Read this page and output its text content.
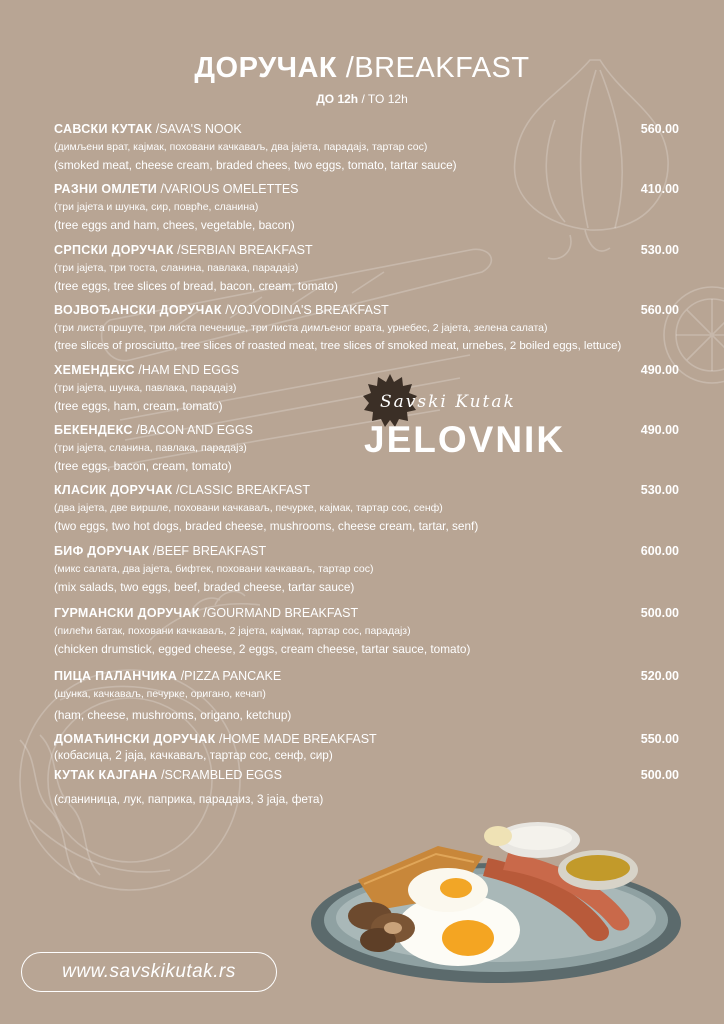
ДОРУЧАК /BREAKFAST
ДО 12h / TO 12h
САВСКИ КУТАК /SAVA'S NOOK	560.00
(димљени врат, кајмак, поховани качкаваљ, два јајета, парадајз, тартар сос)
(smoked meat, cheese cream, braded chees, two eggs, tomato, tartar sauce)
РАЗНИ ОМЛЕТИ /VARIOUS OMELETTES	410.00
(три јајета и шунка, сир, поврће, сланина)
(tree eggs and ham, chees, vegetable, bacon)
СРПСКИ ДОРУЧАК /SERBIAN BREAKFAST	530.00
(три јајета, три тоста, сланина, павлака, парадајз)
(tree eggs, tree slices of bread, bacon, cream, tomato)
ВОЈВОЂАНСКИ ДОРУЧАК /VOJVODINA'S BREAKFAST	560.00
(три листа пршуте, три листа печенице, три листа димљеног врата, урнебес, 2 јајета, зелена салата)
(tree slices of prosciutto, tree slices of roasted meat, tree slices of smoked meat, urnebes, 2 boiled eggs, lettuce)
ХЕМЕНДЕКС /HAM END EGGS	490.00
(три јајета, шунка, павлака, парадајз)
(tree eggs, ham, cream, tomato)
БЕКЕНДЕКС /BACON AND EGGS	490.00
(три јајета, сланина, павлака, парадајз)
(tree eggs, bacon, cream, tomato)
КЛАСИК ДОРУЧАК /CLASSIC BREAKFAST	530.00
(два јајета, две виршле, поховани качкаваљ, печурке, кајмак, тартар сос, сенф)
(two eggs, two hot dogs, braded cheese, mushrooms, cheese cream, tartar, senf)
БИФ ДОРУЧАК /BEEF BREAKFAST	600.00
(микс салата, два јајета, бифтек, поховани качкаваљ, тартар сос)
(mix salads, two eggs, beef, braded cheese, tartar sauce)
ГУРМАНСКИ ДОРУЧАК /GOURMAND BREAKFAST	500.00
(пилећи батак, поховани качкаваљ, 2 јајета, кајмак, тартар сос, парадајз)
(chicken drumstick, egged cheese, 2 eggs, cream cheese, tartar sauce, tomato)
ПИЦА ПАЛАНЧИКА /PIZZA PANCAKE	520.00
(шунка, качкаваљ, печурке, оригано, кечап)
(ham, cheese, mushrooms, origano, ketchup)
ДОМАЋИНСКИ ДОРУЧАК /HOME MADE BREAKFAST	550.00
(кобасица, 2 јаја, качкаваљ, тартар сос, сенф, сир)
КУТАК КАЈГАНА /SCRAMBLED EGGS	500.00
(сланиница, лук, паприка, парадаиз, 3 јаја, фета)
Savski Kutak
JELOVNIK
www.savskikutak.rs
